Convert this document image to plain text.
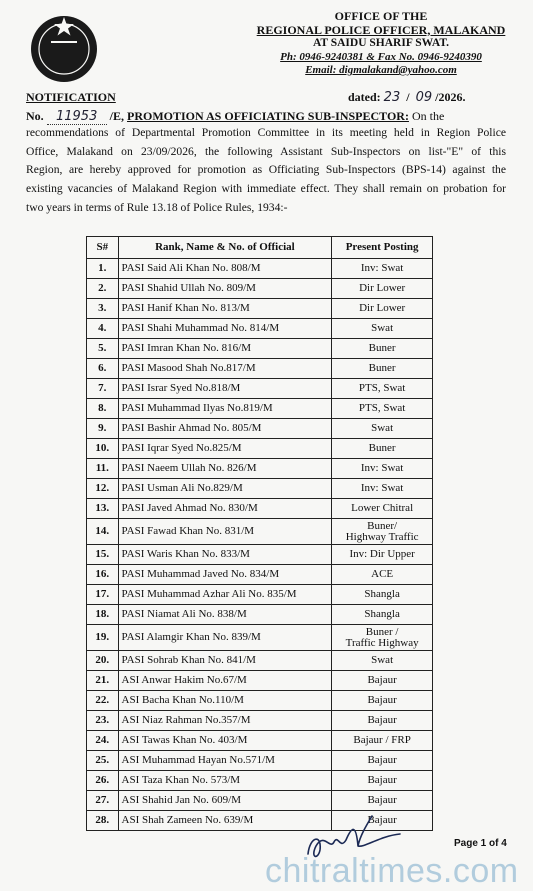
OFFICE OF THE
REGIONAL POLICE OFFICER, MALAKAND
AT SAIDU SHARIF SWAT.
Ph: 0946-9240381 & Fax No. 0946-9240390
Email: digmalakand@yahoo.com
NOTIFICATION	dated: 23 / 09 /2026.
No. 11953 /E, PROMOTION AS OFFICIATING SUB-INSPECTOR: On the
recommendations of Departmental Promotion Committee in its meeting held in Region Police
Office, Malakand on 23/09/2026, the following Assistant Sub-Inspectors on list-"E" of this
Region, are hereby approved for promotion as Officiating Sub-Inspectors (BPS-14) against the
existing vacancies of Malakand Region with immediate effect. They shall remain on probation for
two years in terms of Rule 13.18 of Police Rules, 1934:-
S#	Rank, Name & No. of Official	Present Posting
1.	PASI Said Ali Khan No. 808/M	Inv: Swat
2.	PASI Shahid Ullah No. 809/M	Dir Lower
3.	PASI Hanif Khan No. 813/M	Dir Lower
4.	PASI Shahi Muhammad No. 814/M	Swat
5.	PASI Imran Khan No. 816/M	Buner
6.	PASI Masood Shah No.817/M	Buner
7.	PASI Israr Syed No.818/M	PTS, Swat
8.	PASI Muhammad Ilyas No.819/M	PTS, Swat
9.	PASI Bashir Ahmad No. 805/M	Swat
10.	PASI Iqrar Syed No.825/M	Buner
11.	PASI Naeem Ullah No. 826/M	Inv: Swat
12.	PASI Usman Ali No.829/M	Inv: Swat
13.	PASI Javed Ahmad No. 830/M	Lower Chitral
14.	PASI Fawad Khan No. 831/M	Buner/
Highway Traffic
15.	PASI Waris Khan No. 833/M	Inv: Dir Upper
16.	PASI Muhammad Javed No. 834/M	ACE
17.	PASI Muhammad Azhar Ali No. 835/M	Shangla
18.	PASI Niamat Ali No. 838/M	Shangla
19.	PASI Alamgir Khan No. 839/M	Buner /
Traffic Highway
20.	PASI Sohrab Khan No. 841/M	Swat
21.	ASI Anwar Hakim No.67/M	Bajaur
22.	ASI Bacha Khan No.110/M	Bajaur
23.	ASI Niaz Rahman No.357/M	Bajaur
24.	ASI Tawas Khan No. 403/M	Bajaur / FRP
25.	ASI Muhammad Hayan No.571/M	Bajaur
26.	ASI Taza Khan No. 573/M	Bajaur
27.	ASI Shahid Jan No. 609/M	Bajaur
28.	ASI Shah Zameen No. 639/M	Bajaur
Page 1 of 4
chitraltimes.com
